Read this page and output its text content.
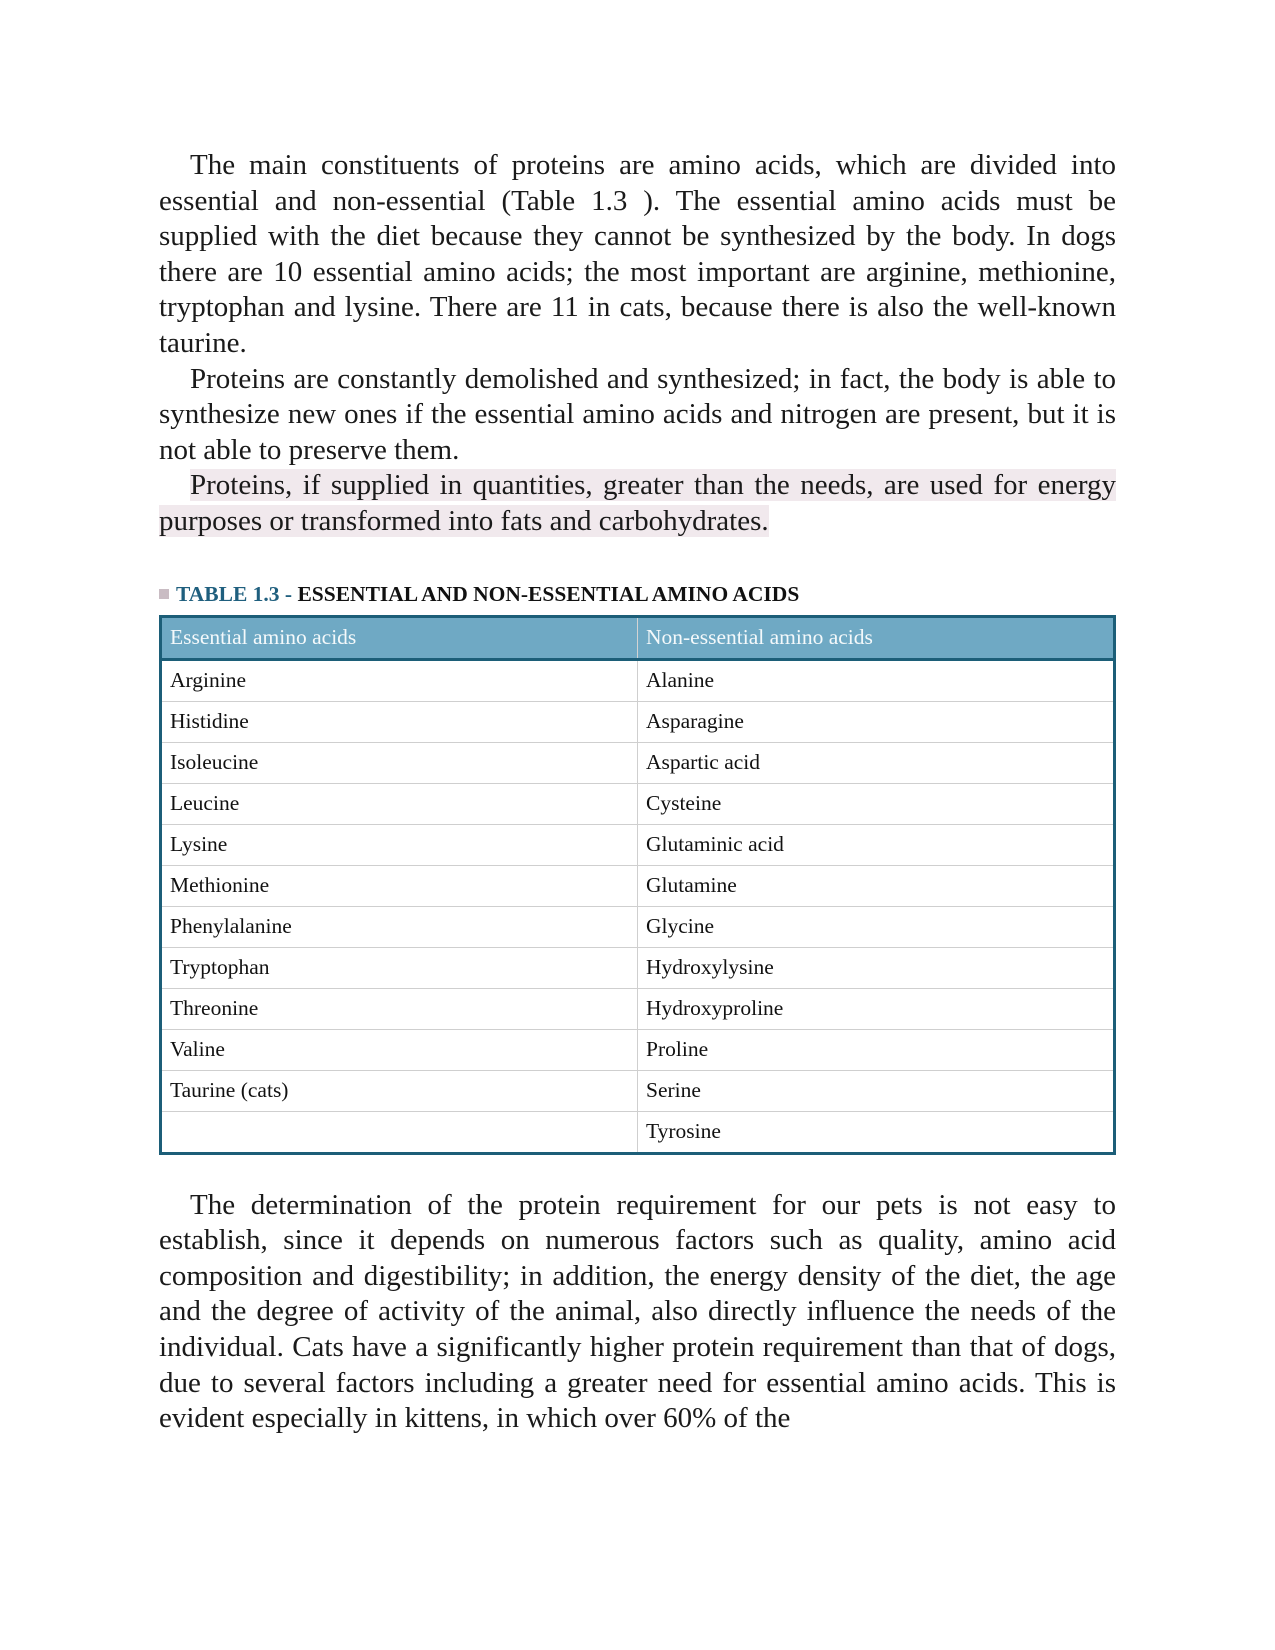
The main constituents of proteins are amino acids, which are divided into essential and non-essential (Table 1.3 ). The essential amino acids must be supplied with the diet because they cannot be synthesized by the body. In dogs there are 10 essential amino acids; the most important are arginine, methionine, tryptophan and lysine. There are 11 in cats, because there is also the well-known taurine.

Proteins are constantly demolished and synthesized; in fact, the body is able to synthesize new ones if the essential amino acids and nitrogen are present, but it is not able to preserve them.

Proteins, if supplied in quantities, greater than the needs, are used for energy purposes or transformed into fats and carbohydrates.

TABLE 1.3 - ESSENTIAL AND NON-ESSENTIAL AMINO ACIDS
Essential amino acids	Non-essential amino acids
Arginine	Alanine
Histidine	Asparagine
Isoleucine	Aspartic acid
Leucine	Cysteine
Lysine	Glutaminic acid
Methionine	Glutamine
Phenylalanine	Glycine
Tryptophan	Hydroxylysine
Threonine	Hydroxyproline
Valine	Proline
Taurine (cats)	Serine
	Tyrosine

The determination of the protein requirement for our pets is not easy to establish, since it depends on numerous factors such as quality, amino acid composition and digestibility; in addition, the energy density of the diet, the age and the degree of activity of the animal, also directly influence the needs of the individual. Cats have a significantly higher protein requirement than that of dogs, due to several factors including a greater need for essential amino acids. This is evident especially in kittens, in which over 60% of the
